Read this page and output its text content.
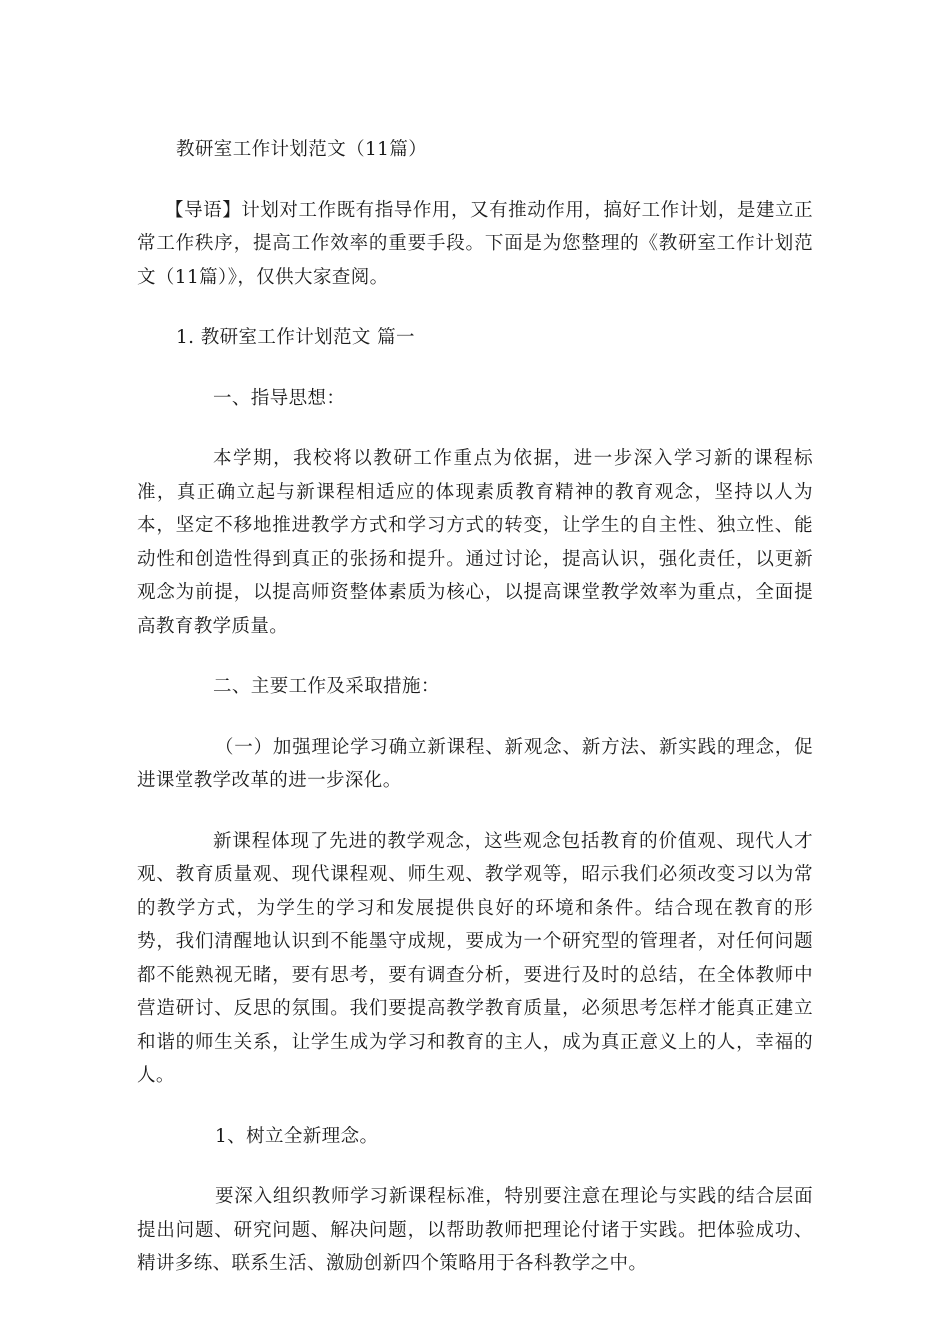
教研室工作计划范文（11篇）

【导语】计划对工作既有指导作用，又有推动作用，搞好工作计划，是建立正常工作秩序，提高工作效率的重要手段。下面是为您整理的《教研室工作计划范文（11篇）》，仅供大家查阅。

1. 教研室工作计划范文 篇一

一、指导思想：

本学期，我校将以教研工作重点为依据，进一步深入学习新的课程标准，真正确立起与新课程相适应的体现素质教育精神的教育观念，坚持以人为本，坚定不移地推进教学方式和学习方式的转变，让学生的自主性、独立性、能动性和创造性得到真正的张扬和提升。通过讨论，提高认识，强化责任，以更新观念为前提，以提高师资整体素质为核心，以提高课堂教学效率为重点，全面提高教育教学质量。

二、主要工作及采取措施：

（一）加强理论学习确立新课程、新观念、新方法、新实践的理念，促进课堂教学改革的进一步深化。

新课程体现了先进的教学观念，这些观念包括教育的价值观、现代人才观、教育质量观、现代课程观、师生观、教学观等，昭示我们必须改变习以为常的教学方式，为学生的学习和发展提供良好的环境和条件。结合现在教育的形势，我们清醒地认识到不能墨守成规，要成为一个研究型的管理者，对任何问题都不能熟视无睹，要有思考，要有调查分析，要进行及时的总结，在全体教师中营造研讨、反思的氛围。我们要提高教学教育质量，必须思考怎样才能真正建立和谐的师生关系，让学生成为学习和教育的主人，成为真正意义上的人，幸福的人。

1、树立全新理念。

要深入组织教师学习新课程标准，特别要注意在理论与实践的结合层面提出问题、研究问题、解决问题，以帮助教师把理论付诸于实践。把体验成功、精讲多练、联系生活、激励创新四个策略用于各科教学之中。
